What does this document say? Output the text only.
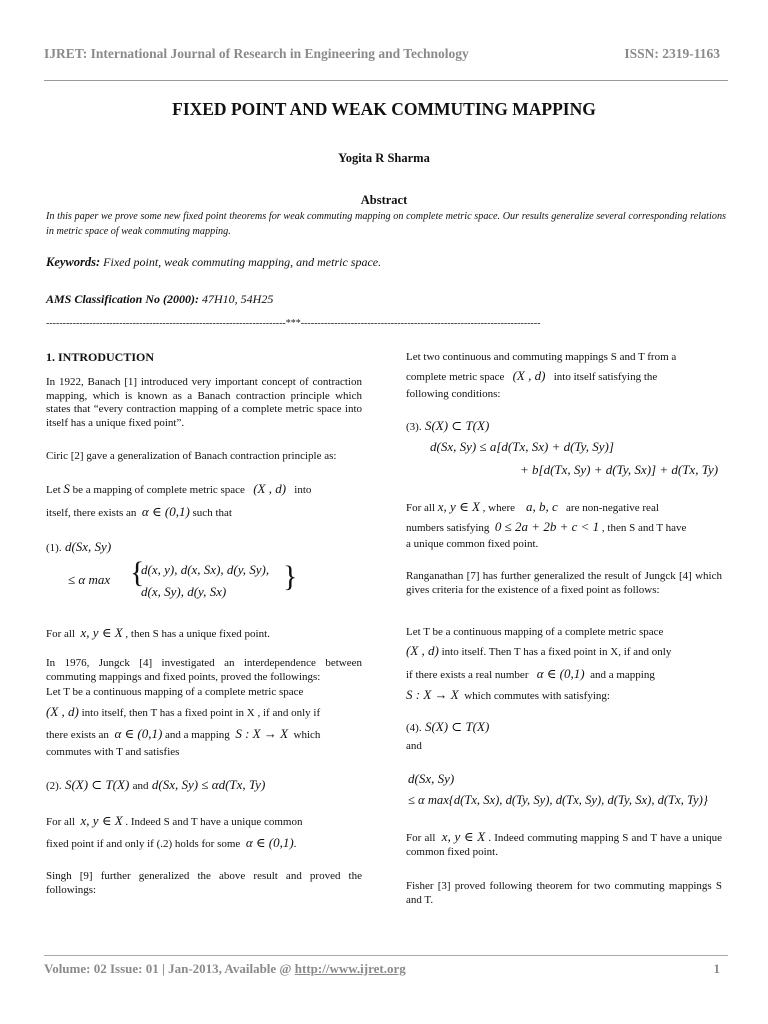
IJRET: International Journal of Research in Engineering and Technology	ISSN: 2319-1163
FIXED POINT AND WEAK COMMUTING MAPPING
Yogita R Sharma
Abstract
In this paper we prove some new fixed point theorems for weak commuting mapping on complete metric space. Our results generalize several corresponding relations in metric space of weak commuting mapping.
Keywords: Fixed point, weak commuting mapping, and metric space.
AMS Classification No (2000): 47H10, 54H25
------------------------------------------------------------------------***------------------------------------------------------------------------
1. INTRODUCTION
In 1922, Banach [1] introduced very important concept of contraction mapping, which is known as a Banach contraction principle which states that “every contraction mapping of a complete metric space into itself has a unique fixed point”.
Ciric [2] gave a generalization of Banach contraction principle as:
Let S be a mapping of complete metric space (X , d) into
itself, there exists an α ∈ (0,1) such that
(1). d(Sx, Sy)
≤ α max {
d(x, y), d(x, Sx), d(y, Sy),
d(x, Sy), d(y, Sx) }
For all x, y ∈ X , then S has a unique fixed point.
In 1976, Jungck [4] investigated an interdependence between commuting mappings and fixed points, proved the followings:
Let T be a continuous mapping of a complete metric space
(X , d) into itself, then T has a fixed point in X , if and only if
there exists an α ∈ (0,1) and a mapping S : X → X which
commutes with T and satisfies
(2). S(X) ⊂ T(X) and d(Sx, Sy) ≤ αd(Tx, Ty)
For all x, y ∈ X . Indeed S and T have a unique common
fixed point if and only if (.2) holds for some α ∈ (0,1).
Singh [9] further generalized the above result and proved the followings:
Let two continuous and commuting mappings S and T from a
complete metric space (X , d) into itself satisfying the
following conditions:
(3). S(X) ⊂ T(X)
d(Sx, Sy) ≤ a[d(Tx, Sx) + d(Ty, Sy)]
+ b[d(Tx, Sy) + d(Ty, Sx)] + d(Tx, Ty)
For all x, y ∈ X , where a, b, c are non-negative real
numbers satisfying 0 ≤ 2a + 2b + c < 1 , then S and T have
a unique common fixed point.
Ranganathan [7] has further generalized the result of Jungck [4] which gives criteria for the existence of a fixed point as follows:
Let T be a continuous mapping of a complete metric space
(X , d) into itself. Then T has a fixed point in X, if and only
if there exists a real number α ∈ (0,1) and a mapping
S : X → X which commutes with satisfying:
(4). S(X) ⊂ T(X)
and
d(Sx, Sy)
≤ α max{d(Tx, Sx), d(Ty, Sy), d(Tx, Sy), d(Ty, Sx), d(Tx, Ty)}
For all x, y ∈ X . Indeed commuting mapping S and T have a unique common fixed point.
Fisher [3] proved following theorem for two commuting mappings S and T.
Volume: 02 Issue: 01 | Jan-2013, Available @ http://www.ijret.org	1
